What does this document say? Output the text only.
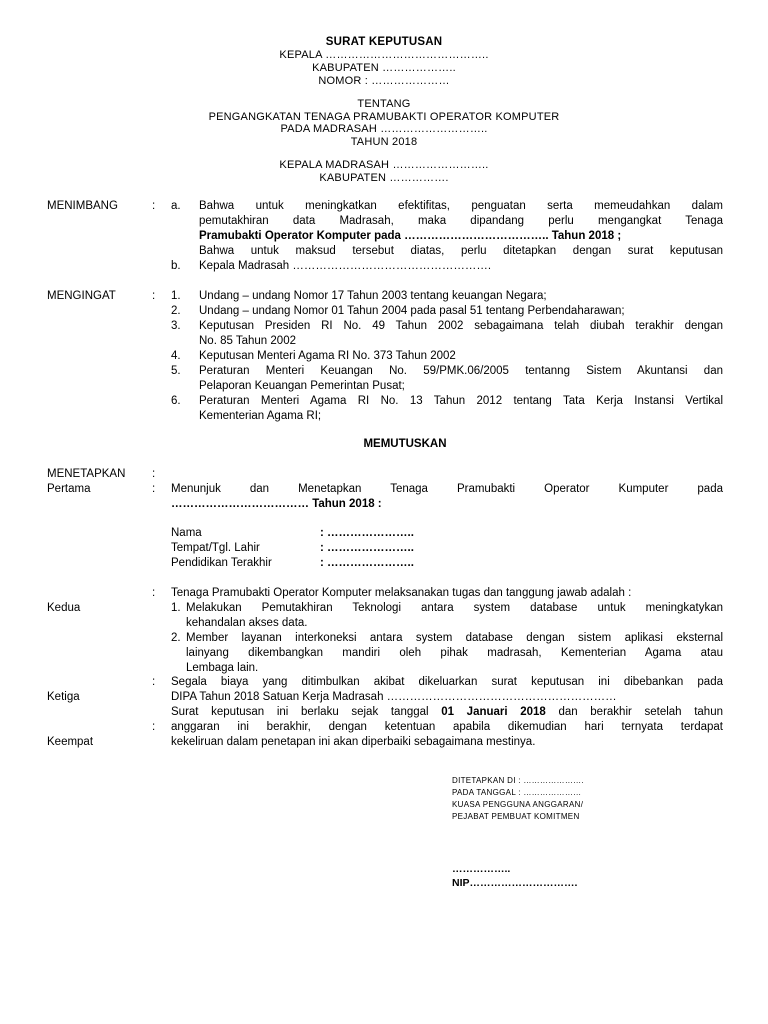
SURAT KEPUTUSAN
KEPALA ……………………………………..
KABUPATEN ………………..
NOMOR : …………………
TENTANG
PENGANGKATAN TENAGA PRAMUBAKTI OPERATOR KOMPUTER
PADA MADRASAH ………………………..
TAHUN 2018
KEPALA MADRASAH ……………………..
KABUPATEN …………….
MENIMBANG	: a. Bahwa untuk meningkatkan efektifitas, penguatan serta memeudahkan dalam
pemutakhiran data Madrasah, maka dipandang perlu mengangkat Tenaga
Pramubakti Operator Komputer pada ……………………………….. Tahun 2018 ;
Bahwa untuk maksud tersebut diatas, perlu ditetapkan dengan surat keputusan
b. Kepala Madrasah …………………………………………….
MENGINGAT	: 1. Undang – undang Nomor 17 Tahun 2003 tentang keuangan Negara;
2. Undang – undang Nomor 01 Tahun 2004 pada pasal 51 tentang Perbendaharawan;
3. Keputusan Presiden RI No. 49 Tahun 2002 sebagaimana telah diubah terakhir dengan
No. 85 Tahun 2002
4. Keputusan Menteri Agama RI No. 373 Tahun 2002
5. Peraturan Menteri Keuangan No. 59/PMK.06/2005 tentanng Sistem Akuntansi dan
Pelaporan Keuangan Pemerintan Pusat;
6. Peraturan Menteri Agama RI No. 13 Tahun 2012 tentang Tata Kerja Instansi Vertikal
Kementerian Agama RI;
MEMUTUSKAN
MENETAPKAN :
Pertama	: Menunjuk dan Menetapkan Tenaga Pramubakti Operator Kumputer pada
……………………………… Tahun 2018 :
Nama	: …………………..
Tempat/Tgl. Lahir	: …………………..
Pendidikan Terakhir	: …………………..
: Tenaga Pramubakti Operator Komputer melaksanakan tugas dan tanggung jawab adalah :
Kedua	1. Melakukan Pemutakhiran Teknologi antara system database untuk meningkatykan
kehandalan akses data.
2. Member layanan interkoneksi antara system database dengan sistem aplikasi eksternal
lainyang dikembangkan mandiri oleh pihak madrasah, Kementerian Agama atau
Lembaga lain.
: Segala biaya yang ditimbulkan akibat dikeluarkan surat keputusan ini dibebankan pada
Ketiga	DIPA Tahun 2018 Satuan Kerja Madrasah ……………………………………………………
Surat keputusan ini berlaku sejak tanggal 01 Januari 2018 dan berakhir setelah tahun
: anggaran ini berakhir, dengan ketentuan apabila dikemudian hari ternyata terdapat
Keempat	kekeliruan dalam penetapan ini akan diperbaiki sebagaimana mestinya.
DITETAPKAN DI : ………………….
PADA TANGGAL : …………………
KUASA PENGGUNA ANGGARAN/
PEJABAT PEMBUAT KOMITMEN
……………..
NIP………………………….
